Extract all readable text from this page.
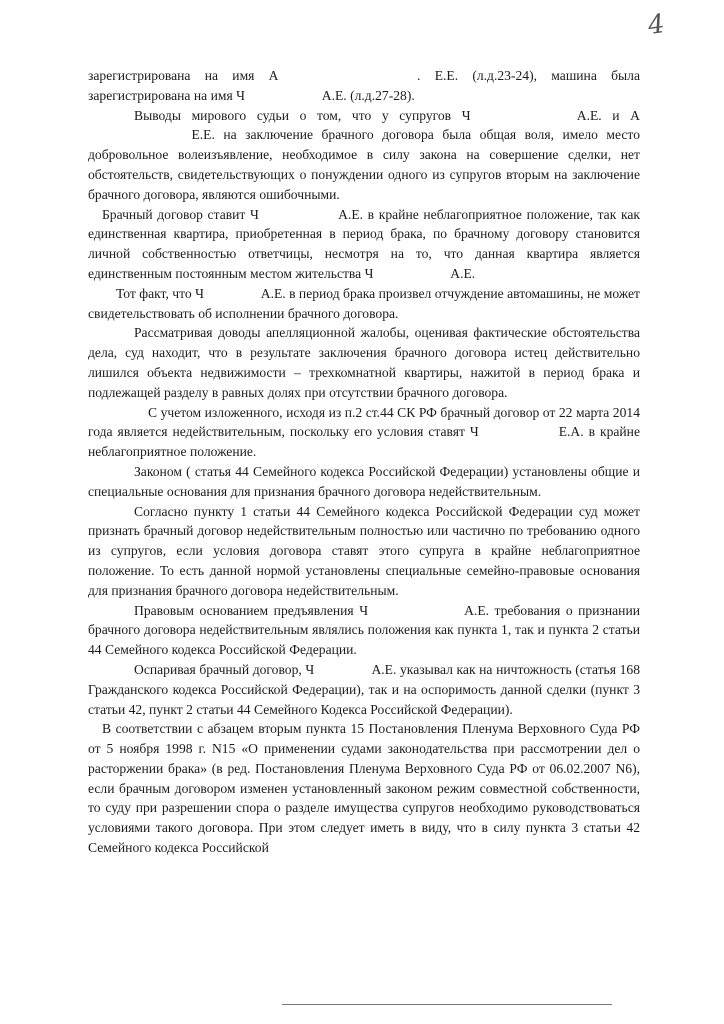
4

зарегистрирована на имя А	. Е.Е. (л.д.23-24), машина была зарегистрирована на имя Ч	А.Е. (л.д.27-28).

Выводы мирового судьи о том, что у супругов Ч	А.Е. и А  Е.Е. на заключение брачного договора была общая воля, имело место добровольное волеизъявление, необходимое в силу закона на совершение сделки, нет обстоятельств, свидетельствующих о понуждении одного из супругов вторым на заключение брачного договора, являются ошибочными.

Брачный договор ставит Ч	А.Е. в крайне неблагоприятное положение, так как единственная квартира, приобретенная в период брака, по брачному договору становится личной собственностью ответчицы, несмотря на то, что данная квартира является единственным постоянным местом жительства Ч	А.Е.

Тот факт, что Ч	А.Е. в период брака произвел отчуждение автомашины, не может свидетельствовать об исполнении брачного договора.

Рассматривая доводы апелляционной жалобы, оценивая фактические обстоятельства дела, суд находит, что в результате заключения брачного договора истец действительно лишился объекта недвижимости – трехкомнатной квартиры, нажитой в период брака и подлежащей разделу в равных долях при отсутствии брачного договора.

С учетом изложенного, исходя из п.2 ст.44 СК РФ брачный договор от 22 марта 2014 года является недействительным, поскольку его условия ставят Ч	Е.А. в крайне неблагоприятное положение.

Законом ( статья 44 Семейного кодекса Российской Федерации) установлены общие и специальные основания для признания брачного договора недействительным.

Согласно пункту 1 статьи 44 Семейного кодекса Российской Федерации суд может признать брачный договор недействительным полностью или частично по требованию одного из супругов, если условия договора ставят этого супруга в крайне неблагоприятное положение. То есть данной нормой установлены специальные семейно-правовые основания для признания брачного договора недействительным.

Правовым основанием предъявления Ч	А.Е. требования о признании брачного договора недействительным являлись положения как пункта 1, так и пункта 2 статьи 44 Семейного кодекса Российской Федерации.

Оспаривая брачный договор, Ч	А.Е. указывал как на ничтожность (статья 168 Гражданского кодекса Российской Федерации), так и на оспоримость данной сделки (пункт 3 статьи 42, пункт 2 статьи 44 Семейного Кодекса Российской Федерации).

В соответствии с абзацем вторым пункта 15 Постановления Пленума Верховного Суда РФ от 5 ноября 1998 г. N15 «О применении судами законодательства при рассмотрении дел о расторжении брака» (в ред. Постановления Пленума Верховного Суда РФ от 06.02.2007 N6), если брачным договором изменен установленный законом режим совместной собственности, то суду при разрешении спора о разделе имущества супругов необходимо руководствоваться условиями такого договора. При этом следует иметь в виду, что в силу пункта 3 статьи 42 Семейного кодекса Российской
